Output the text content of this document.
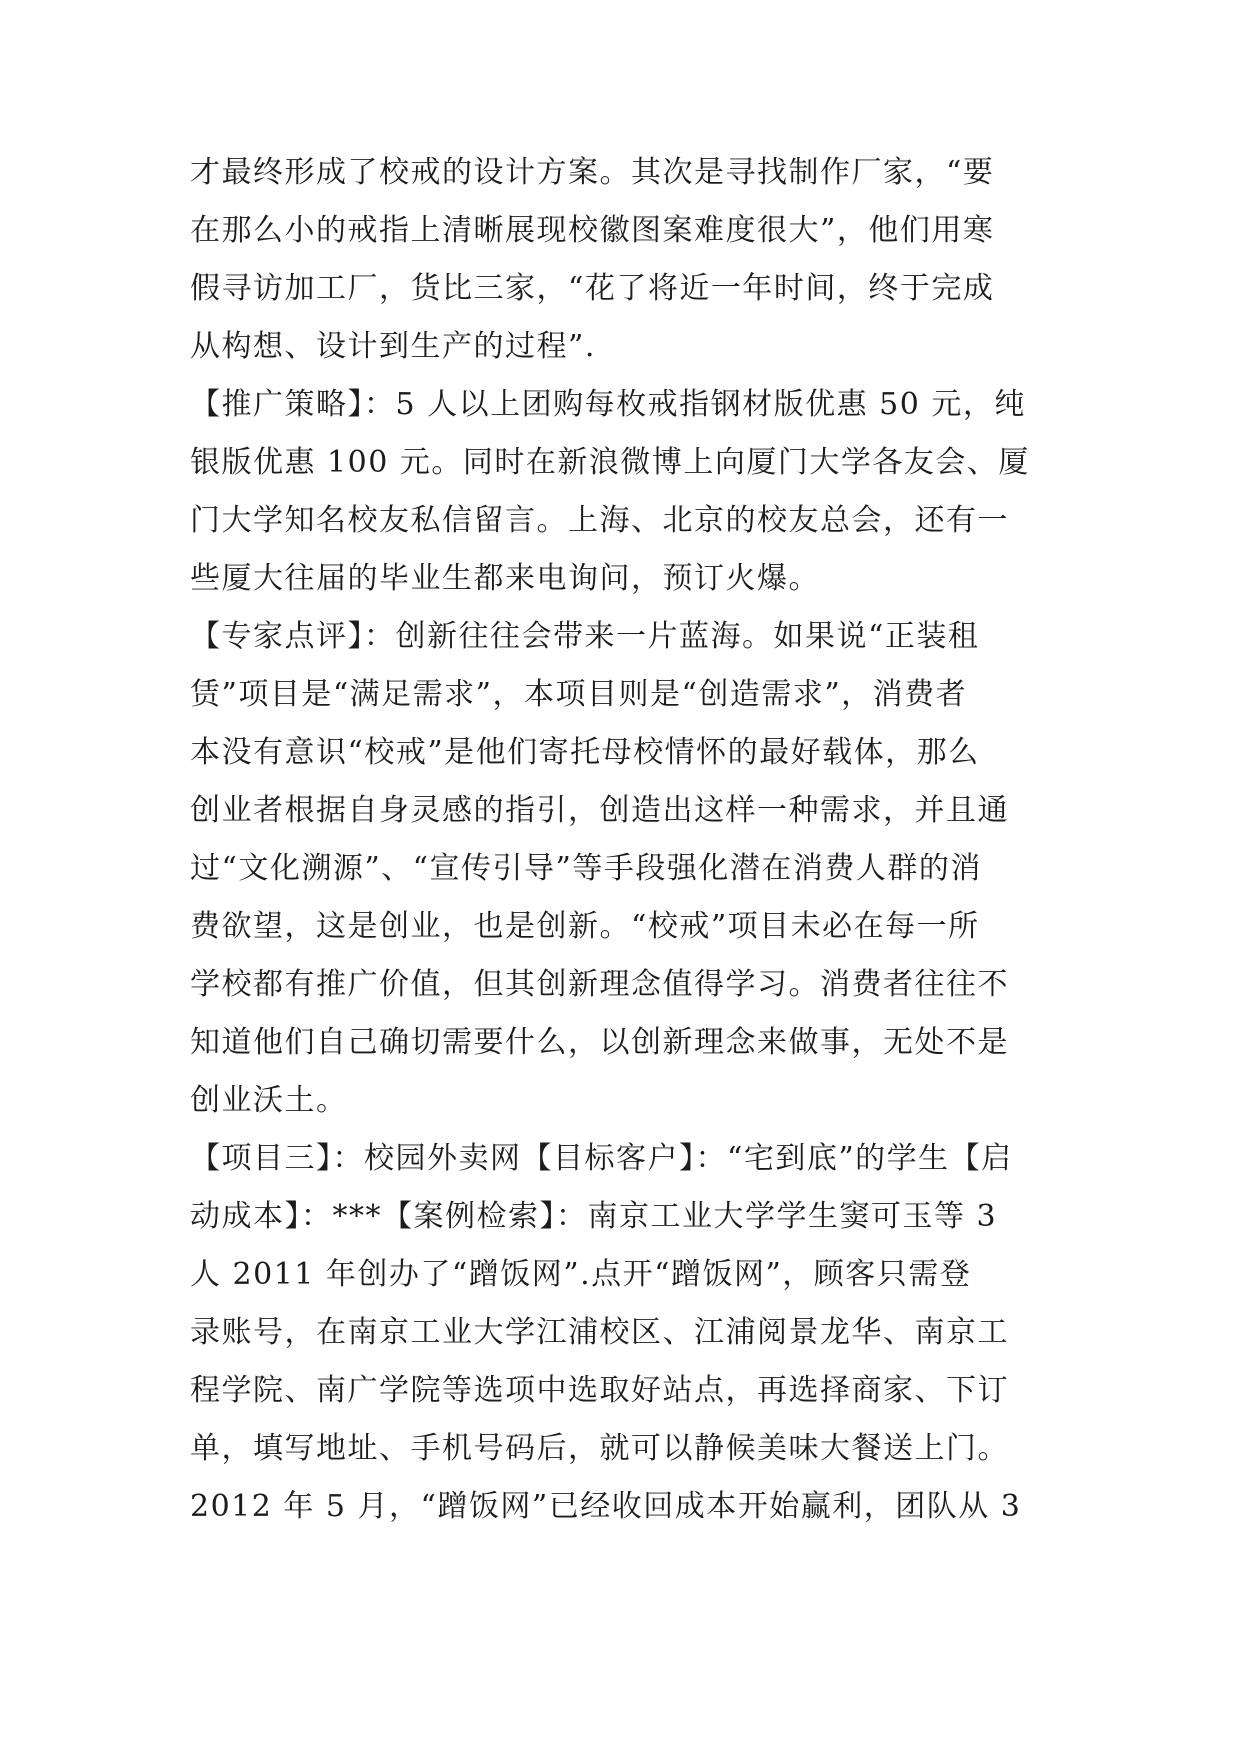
才最终形成了校戒的设计方案。其次是寻找制作厂家，“要
在那么小的戒指上清晰展现校徽图案难度很大”，他们用寒
假寻访加工厂，货比三家，“花了将近一年时间，终于完成
从构想、设计到生产的过程”.
【推广策略】：5 人以上团购每枚戒指钢材版优惠 50 元，纯
银版优惠 100 元。同时在新浪微博上向厦门大学各友会、厦
门大学知名校友私信留言。上海、北京的校友总会，还有一
些厦大往届的毕业生都来电询问，预订火爆。
【专家点评】：创新往往会带来一片蓝海。如果说“正装租
赁”项目是“满足需求”，本项目则是“创造需求”，消费者
本没有意识“校戒”是他们寄托母校情怀的最好载体，那么
创业者根据自身灵感的指引，创造出这样一种需求，并且通
过“文化溯源”、“宣传引导”等手段强化潜在消费人群的消
费欲望，这是创业，也是创新。“校戒”项目未必在每一所
学校都有推广价值，但其创新理念值得学习。消费者往往不
知道他们自己确切需要什么，以创新理念来做事，无处不是
创业沃土。
【项目三】：校园外卖网【目标客户】：“宅到底”的学生【启
动成本】：***【案例检索】：南京工业大学学生窦可玉等 3
人 2011 年创办了“蹭饭网”.点开“蹭饭网”，顾客只需登
录账号，在南京工业大学江浦校区、江浦阅景龙华、南京工
程学院、南广学院等选项中选取好站点，再选择商家、下订
单，填写地址、手机号码后，就可以静候美味大餐送上门。
2012 年 5 月，“蹭饭网”已经收回成本开始赢利，团队从 3
